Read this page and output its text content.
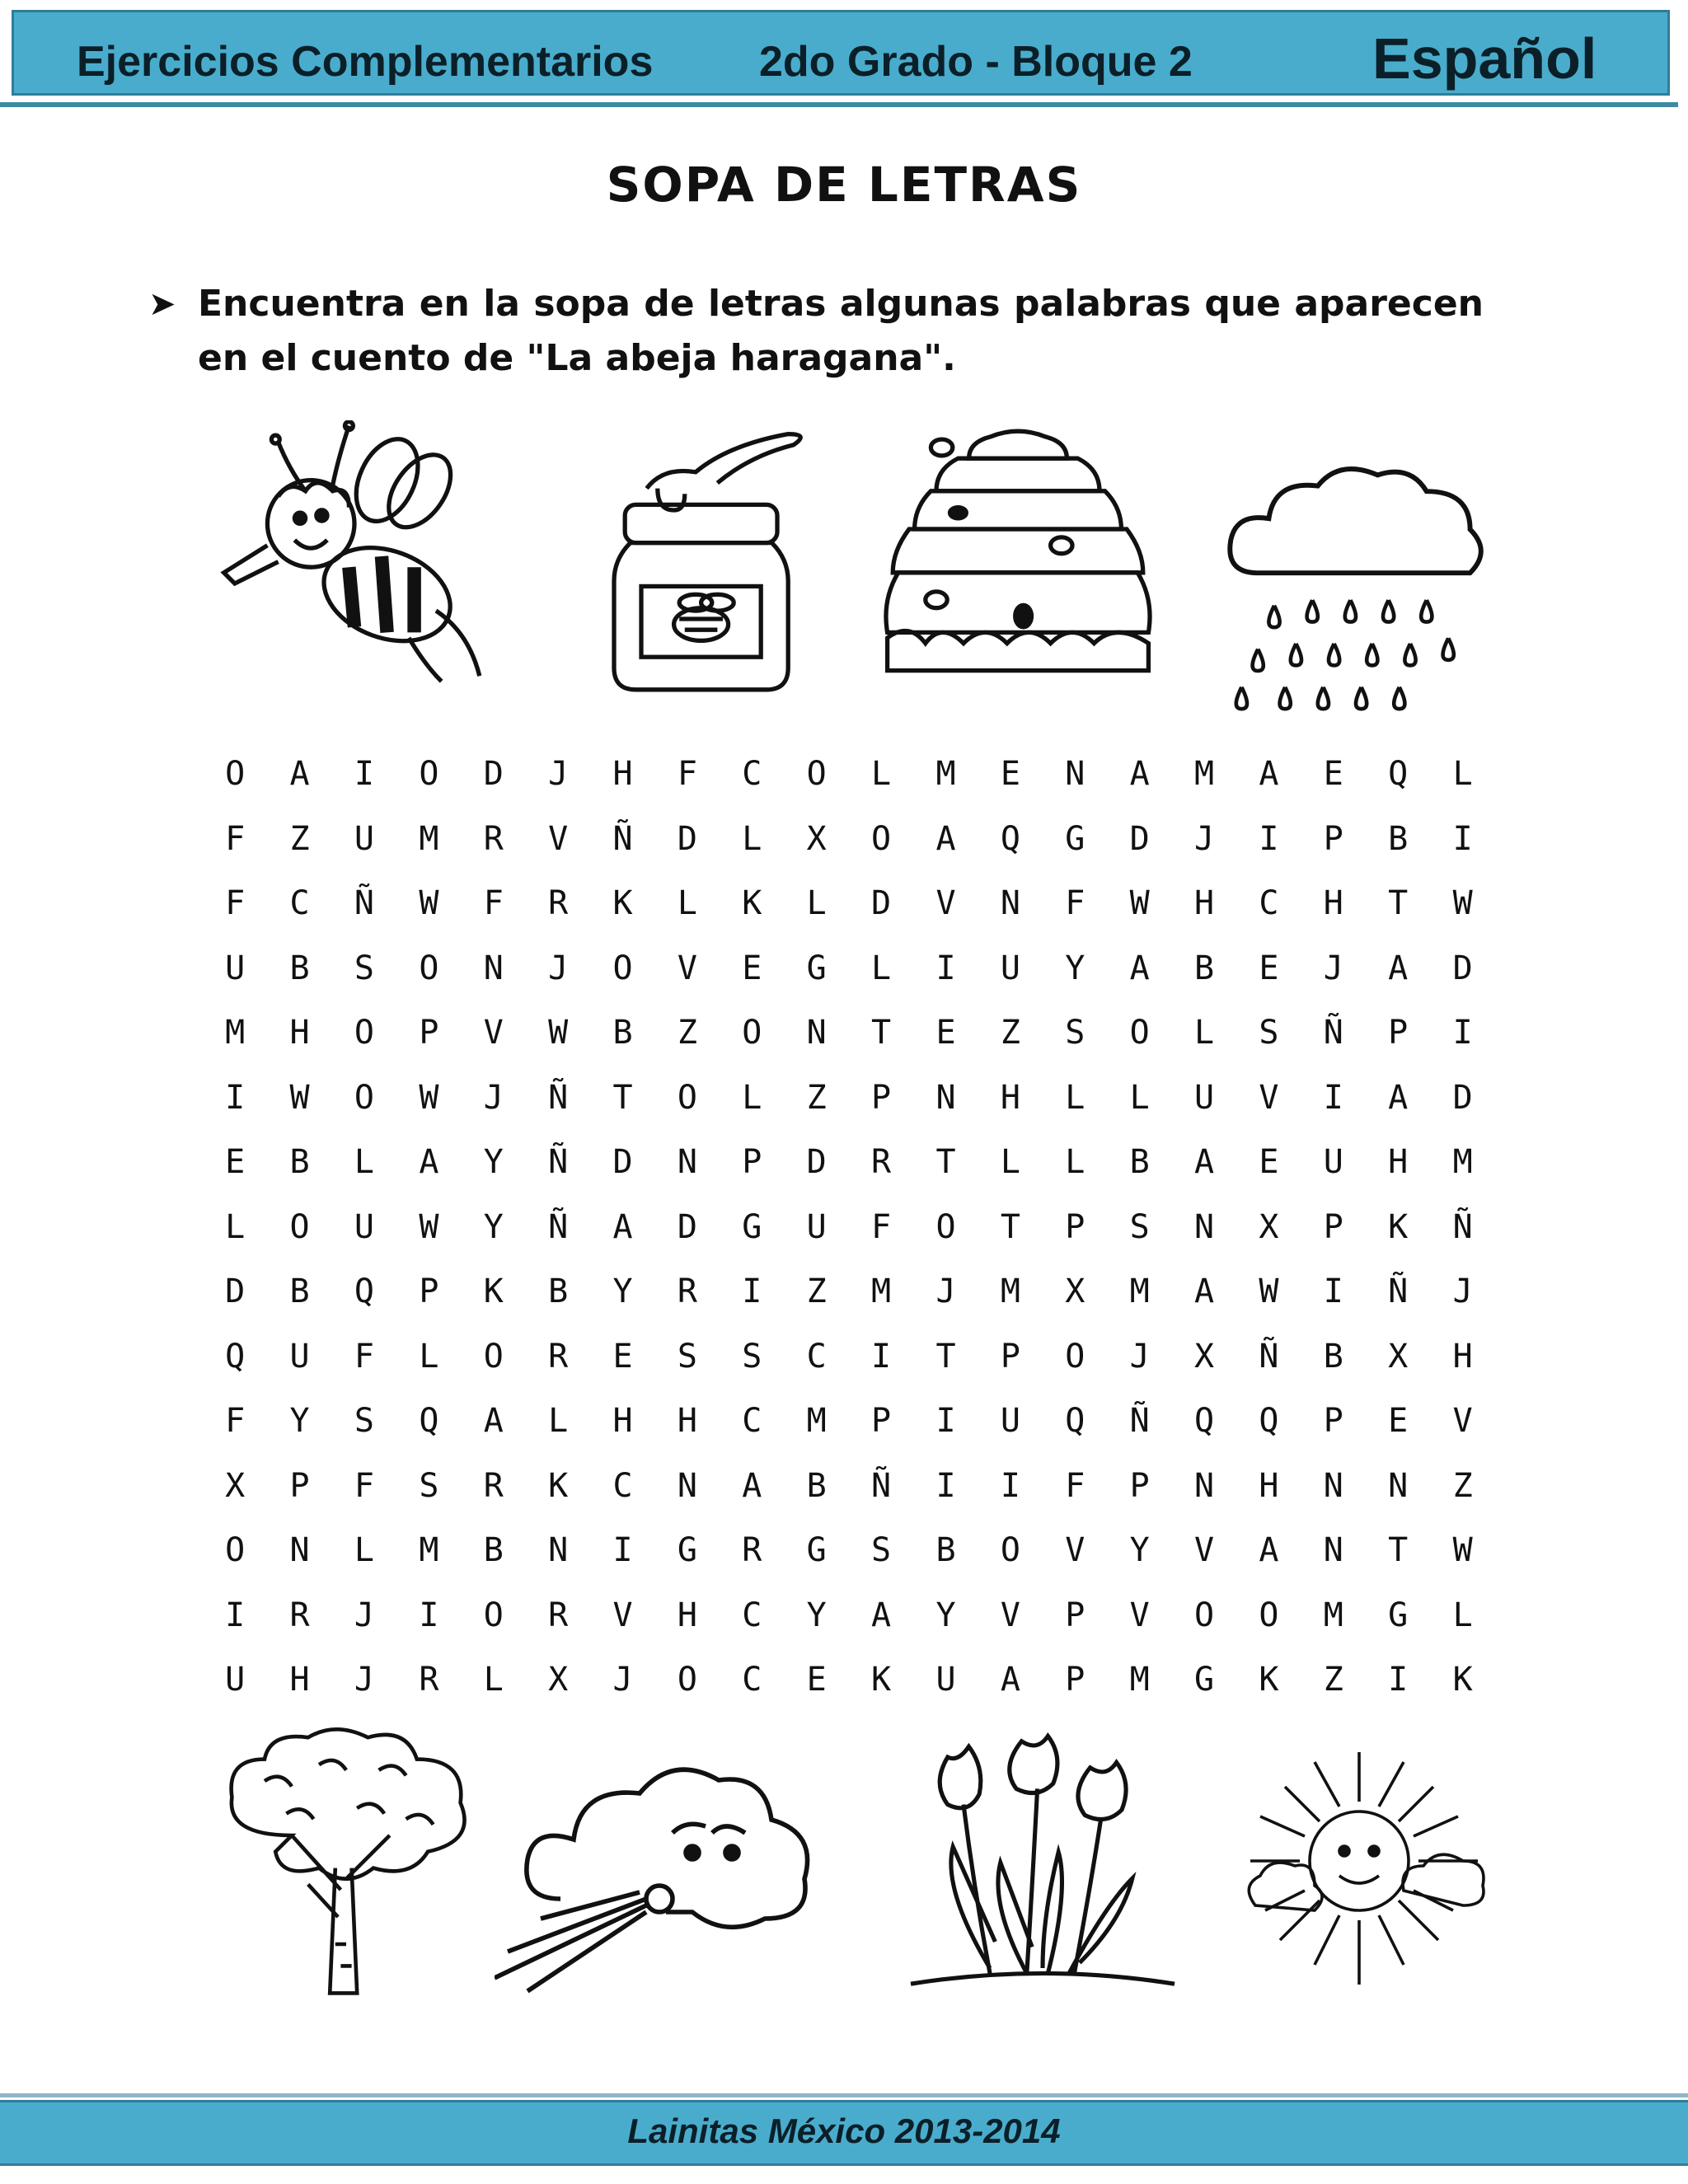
Ejercicios Complementarios 2do Grado - Bloque 2	Español
SOPA DE LETRAS
➤ Encuentra en la sopa de letras algunas palabras que aparecen en el cuento de "La abeja haragana".
O	A	I	O	D	J	H	F	C	O	L	M	E	N	A	M	A	E	Q	L
F	Z	U	M	R	V	Ñ	D	L	X	O	A	Q	G	D	J	I	P	B	I
F	C	Ñ	W	F	R	K	L	K	L	D	V	N	F	W	H	C	H	T	W
U	B	S	O	N	J	O	V	E	G	L	I	U	Y	A	B	E	J	A	D
M	H	O	P	V	W	B	Z	O	N	T	E	Z	S	O	L	S	Ñ	P	I
I	W	O	W	J	Ñ	T	O	L	Z	P	N	H	L	L	U	V	I	A	D
E	B	L	A	Y	Ñ	D	N	P	D	R	T	L	L	B	A	E	U	H	M
L	O	U	W	Y	Ñ	A	D	G	U	F	O	T	P	S	N	X	P	K	Ñ
D	B	Q	P	K	B	Y	R	I	Z	M	J	M	X	M	A	W	I	Ñ	J
Q	U	F	L	O	R	E	S	S	C	I	T	P	O	J	X	Ñ	B	X	H
F	Y	S	Q	A	L	H	H	C	M	P	I	U	Q	Ñ	Q	Q	P	E	V
X	P	F	S	R	K	C	N	A	B	Ñ	I	I	F	P	N	H	N	N	Z
O	N	L	M	B	N	I	G	R	G	S	B	O	V	Y	V	A	N	T	W
I	R	J	I	O	R	V	H	C	Y	A	Y	V	P	V	O	O	M	G	L
U	H	J	R	L	X	J	O	C	E	K	U	A	P	M	G	K	Z	I	K
Lainitas México 2013-2014
